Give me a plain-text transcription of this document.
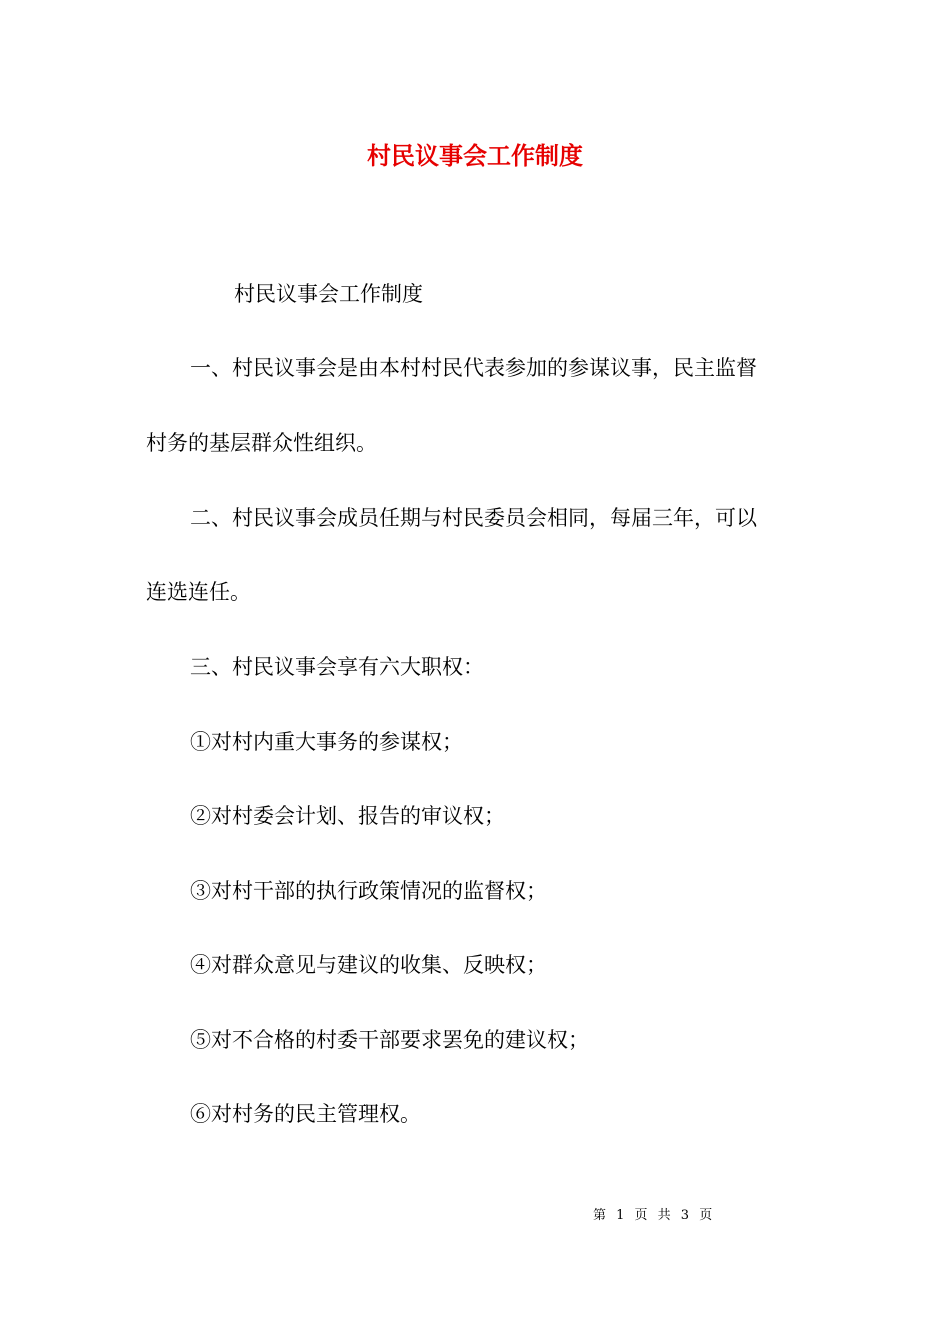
村民议事会工作制度
村民议事会工作制度
一、村民议事会是由本村村民代表参加的参谋议事，民主监督
村务的基层群众性组织。
二、村民议事会成员任期与村民委员会相同，每届三年，可以
连选连任。
三、村民议事会享有六大职权：
①对村内重大事务的参谋权；
②对村委会计划、报告的审议权；
③对村干部的执行政策情况的监督权；
④对群众意见与建议的收集、反映权；
⑤对不合格的村委干部要求罢免的建议权；
⑥对村务的民主管理权。
第 1 页 共 3 页
